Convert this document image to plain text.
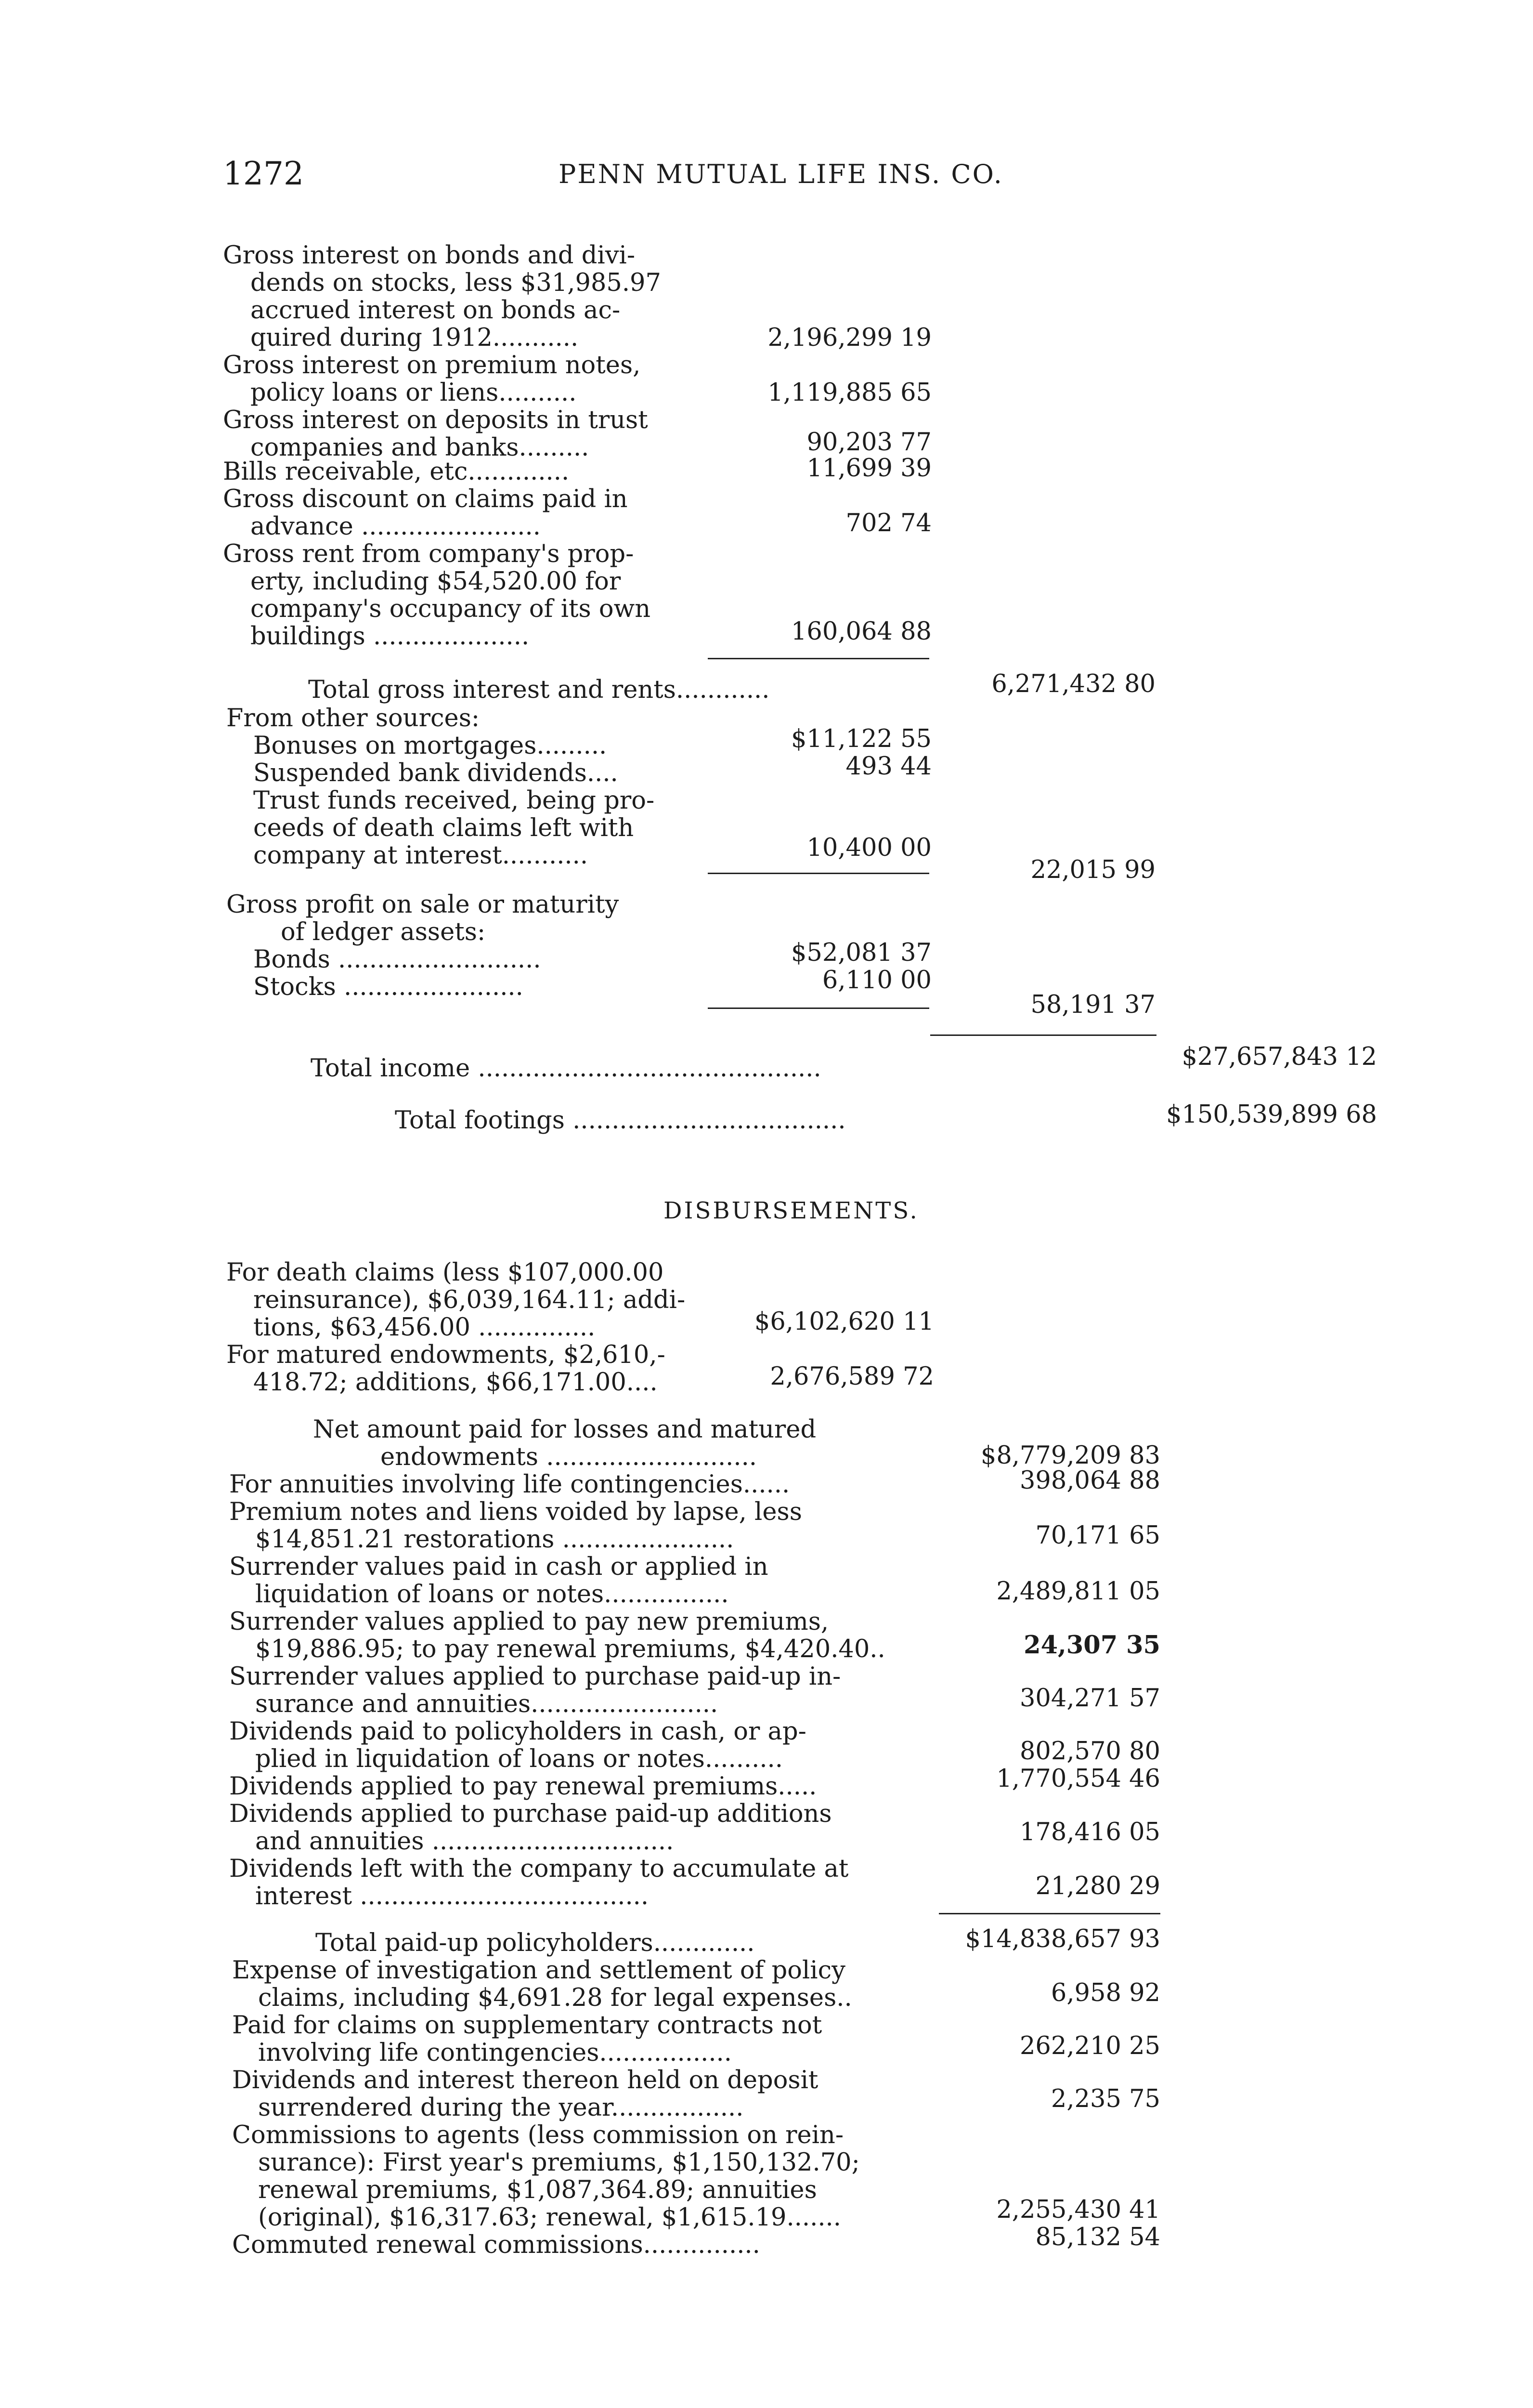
1272	PENN MUTUAL LIFE INS. CO.
Gross interest on bonds and divi-
dends on stocks, less $31,985.97
accrued interest on bonds ac-
quired during 1912...........	2,196,299 19
Gross interest on premium notes,
policy loans or liens..........	1,119,885 65
Gross interest on deposits in trust
companies and banks.........	90,203 77
Bills receivable, etc.............	11,699 39
Gross discount on claims paid in
advance .......................	702 74
Gross rent from company's prop-
erty, including $54,520.00 for
company's occupancy of its own
buildings ....................	160,064 88
Total gross interest and rents............	6,271,432 80
From other sources:
Bonuses on mortgages.........	$11,122 55
Suspended bank dividends....	493 44
Trust funds received, being pro-
ceeds of death claims left with
company at interest...........	10,400 00
22,015 99
Gross profit on sale or maturity
of ledger assets:
Bonds ..........................	$52,081 37
Stocks .......................	6,110 00
58,191 37
Total income ............................................	$27,657,843 12
Total footings ...................................	$150,539,899 68
DISBURSEMENTS.
For death claims (less $107,000.00
reinsurance), $6,039,164.11; addi-
tions, $63,456.00 ...............	$6,102,620 11
For matured endowments, $2,610,-
418.72; additions, $66,171.00....	2,676,589 72
Net amount paid for losses and matured
endowments ...........................	$8,779,209 83
For annuities involving life contingencies......	398,064 88
Premium notes and liens voided by lapse, less
$14,851.21 restorations ......................	70,171 65
Surrender values paid in cash or applied in
liquidation of loans or notes................	2,489,811 05
Surrender values applied to pay new premiums,
$19,886.95; to pay renewal premiums, $4,420.40..	24,307 35
Surrender values applied to purchase paid-up in-
surance and annuities........................	304,271 57
Dividends paid to policyholders in cash, or ap-
plied in liquidation of loans or notes..........	802,570 80
Dividends applied to pay renewal premiums.....	1,770,554 46
Dividends applied to purchase paid-up additions
and annuities ...............................	178,416 05
Dividends left with the company to accumulate at
interest .....................................	21,280 29
Total paid-up policyholders.............	$14,838,657 93
Expense of investigation and settlement of policy
claims, including $4,691.28 for legal expenses..	6,958 92
Paid for claims on supplementary contracts not
involving life contingencies.................	262,210 25
Dividends and interest thereon held on deposit
surrendered during the year.................	2,235 75
Commissions to agents (less commission on rein-
surance): First year's premiums, $1,150,132.70;
renewal premiums, $1,087,364.89; annuities
(original), $16,317.63; renewal, $1,615.19.......	2,255,430 41
Commuted renewal commissions...............	85,132 54
